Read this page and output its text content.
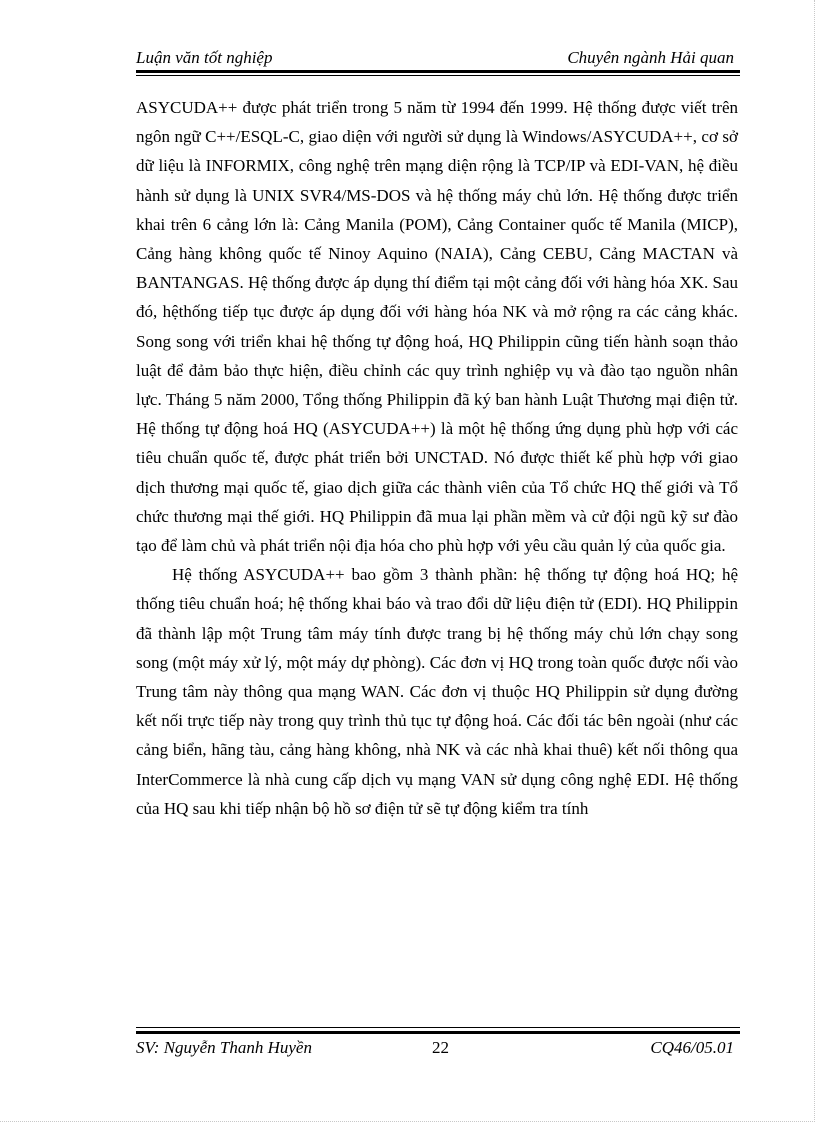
Luận văn tốt nghiệp	Chuyên ngành Hải quan

ASYCUDA++ được phát triển trong 5 năm từ 1994 đến 1999. Hệ thống được viết trên ngôn ngữ C++/ESQL-C, giao diện với người sử dụng là Windows/ASYCUDA++, cơ sở dữ liệu là INFORMIX, công nghệ trên mạng diện rộng là TCP/IP và EDI-VAN, hệ điều hành sử dụng là UNIX SVR4/MS-DOS và hệ thống máy chủ lớn. Hệ thống được triển khai trên 6 cảng lớn là: Cảng Manila (POM), Cảng Container quốc tế Manila (MICP), Cảng hàng không quốc tế Ninoy Aquino (NAIA), Cảng CEBU, Cảng MACTAN và BANTANGAS. Hệ thống được áp dụng thí điểm tại một cảng đối với hàng hóa XK. Sau đó, hệthống tiếp tục được áp dụng đối với hàng hóa NK và mở rộng ra các cảng khác. Song song với triển khai hệ thống tự động hoá, HQ Philippin cũng tiến hành soạn thảo luật để đảm bảo thực hiện, điều chỉnh các quy trình nghiệp vụ và đào tạo nguồn nhân lực. Tháng 5 năm 2000, Tổng thống Philippin đã ký ban hành Luật Thương mại điện tử. Hệ thống tự động hoá HQ (ASYCUDA++) là một hệ thống ứng dụng phù hợp với các tiêu chuẩn quốc tế, được phát triển bởi UNCTAD. Nó được thiết kế phù hợp với giao dịch thương mại quốc tế, giao dịch giữa các thành viên của Tổ chức HQ thế giới và Tổ chức thương mại thế giới. HQ Philippin đã mua lại phần mềm và cử đội ngũ kỹ sư đào tạo để làm chủ và phát triển nội địa hóa cho phù hợp với yêu cầu quản lý của quốc gia.

Hệ thống ASYCUDA++ bao gồm 3 thành phần: hệ thống tự động hoá HQ; hệ thống tiêu chuẩn hoá; hệ thống khai báo và trao đổi dữ liệu điện tử (EDI). HQ Philippin đã thành lập một Trung tâm máy tính được trang bị hệ thống máy chủ lớn chạy song song (một máy xử lý, một máy dự phòng). Các đơn vị HQ trong toàn quốc được nối vào Trung tâm này thông qua mạng WAN. Các đơn vị thuộc HQ Philippin sử dụng đường kết nối trực tiếp này trong quy trình thủ tục tự động hoá. Các đối tác bên ngoài (như các cảng biển, hãng tàu, cảng hàng không, nhà NK và các nhà khai thuê) kết nối thông qua InterCommerce là nhà cung cấp dịch vụ mạng VAN sử dụng công nghệ EDI. Hệ thống của HQ sau khi tiếp nhận bộ hồ sơ điện tử sẽ tự động kiểm tra tính

SV: Nguyễn Thanh Huyền	22	CQ46/05.01
